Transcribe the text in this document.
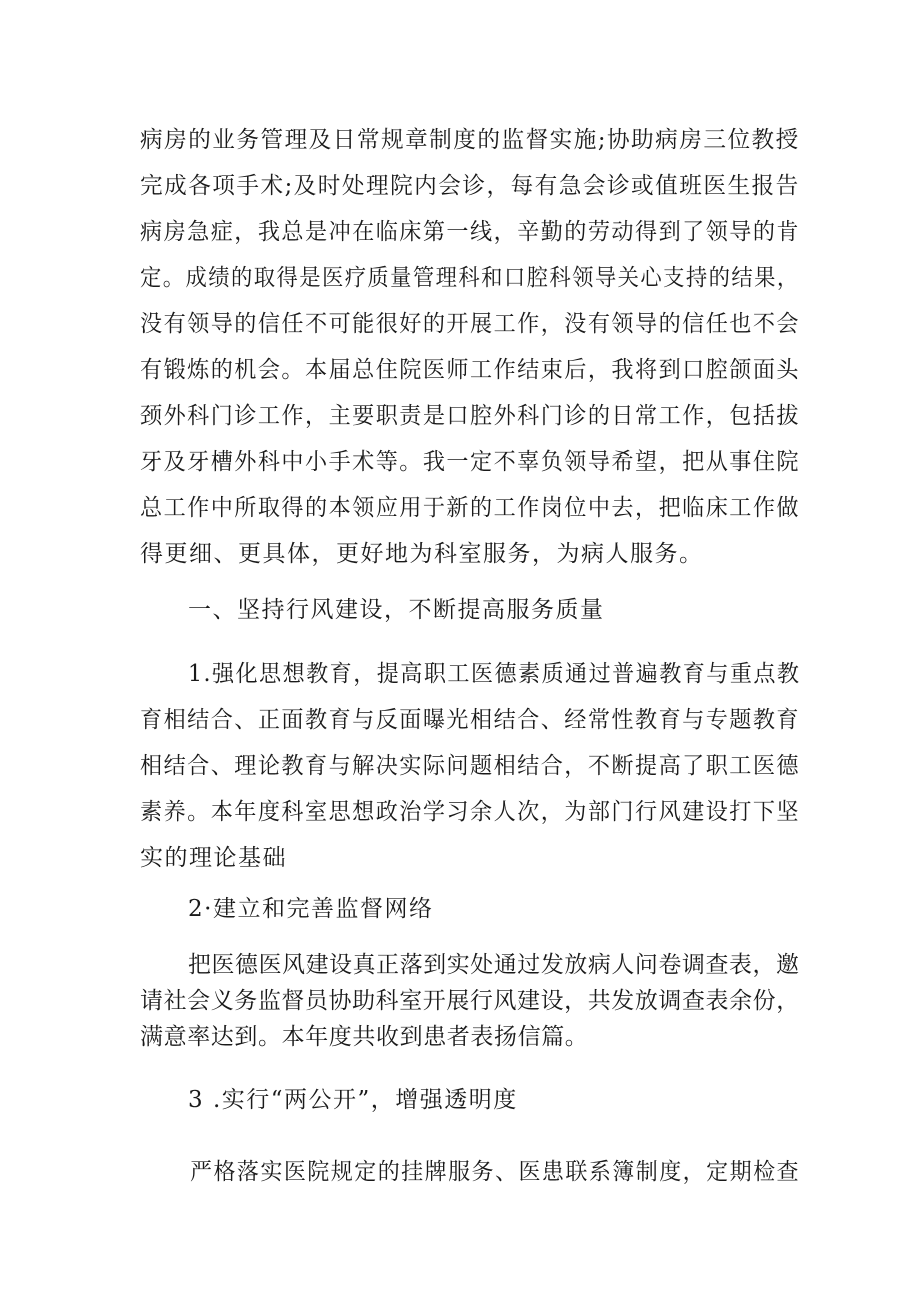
病房的业务管理及日常规章制度的监督实施;协助病房三位教授
完成各项手术;及时处理院内会诊，每有急会诊或值班医生报告
病房急症，我总是冲在临床第一线，辛勤的劳动得到了领导的肯
定。成绩的取得是医疗质量管理科和口腔科领导关心支持的结果，
没有领导的信任不可能很好的开展工作，没有领导的信任也不会
有锻炼的机会。本届总住院医师工作结束后，我将到口腔颌面头
颈外科门诊工作，主要职责是口腔外科门诊的日常工作，包括拔
牙及牙槽外科中小手术等。我一定不辜负领导希望，把从事住院
总工作中所取得的本领应用于新的工作岗位中去，把临床工作做
得更细、更具体，更好地为科室服务，为病人服务。
一、坚持行风建设，不断提高服务质量
1.强化思想教育，提高职工医德素质通过普遍教育与重点教
育相结合、正面教育与反面曝光相结合、经常性教育与专题教育
相结合、理论教育与解决实际问题相结合，不断提高了职工医德
素养。本年度科室思想政治学习余人次，为部门行风建设打下坚
实的理论基础
2·建立和完善监督网络
把医德医风建设真正落到实处通过发放病人问卷调查表，邀
请社会义务监督员协助科室开展行风建设，共发放调查表余份，
满意率达到。本年度共收到患者表扬信篇。
3 .实行“两公开”，增强透明度
严格落实医院规定的挂牌服务、医患联系簿制度，定期检查
